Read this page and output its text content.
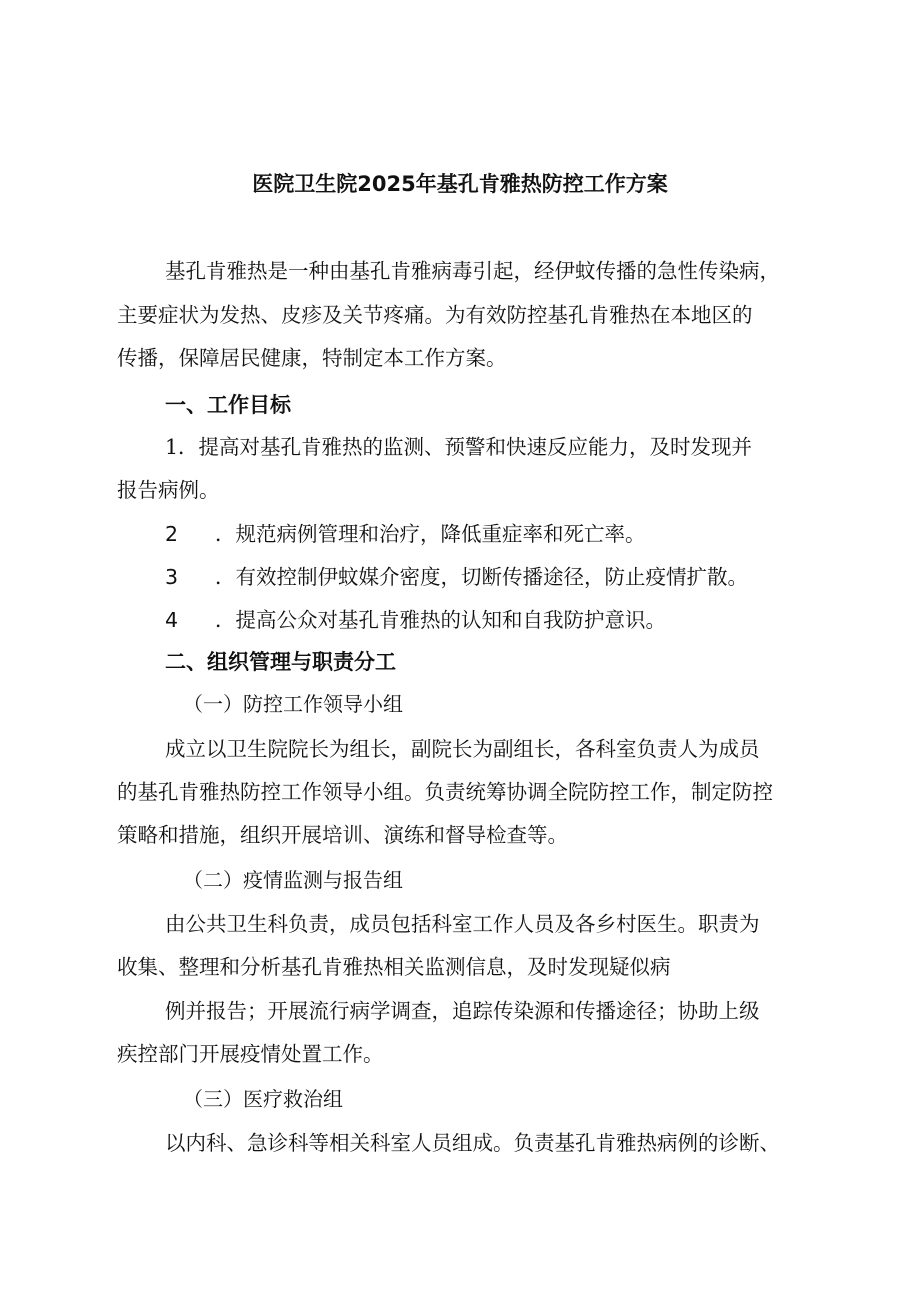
医院卫生院2025年基孔肯雅热防控工作方案
基孔肯雅热是一种由基孔肯雅病毒引起，经伊蚊传播的急性传染病，
主要症状为发热、皮疹及关节疼痛。为有效防控基孔肯雅热在本地区的
传播，保障居民健康，特制定本工作方案。
一、工作目标
1．提高对基孔肯雅热的监测、预警和快速反应能力，及时发现并
报告病例。
2 ．规范病例管理和治疗，降低重症率和死亡率。
3 ．有效控制伊蚊媒介密度，切断传播途径，防止疫情扩散。
4 ．提高公众对基孔肯雅热的认知和自我防护意识。
二、组织管理与职责分工
（一）防控工作领导小组
成立以卫生院院长为组长，副院长为副组长，各科室负责人为成员
的基孔肯雅热防控工作领导小组。负责统筹协调全院防控工作，制定防控
策略和措施，组织开展培训、演练和督导检查等。
（二）疫情监测与报告组
由公共卫生科负责，成员包括科室工作人员及各乡村医生。职责为
收集、整理和分析基孔肯雅热相关监测信息，及时发现疑似病
例并报告；开展流行病学调查，追踪传染源和传播途径；协助上级
疾控部门开展疫情处置工作。
（三）医疗救治组
以内科、急诊科等相关科室人员组成。负责基孔肯雅热病例的诊断、
